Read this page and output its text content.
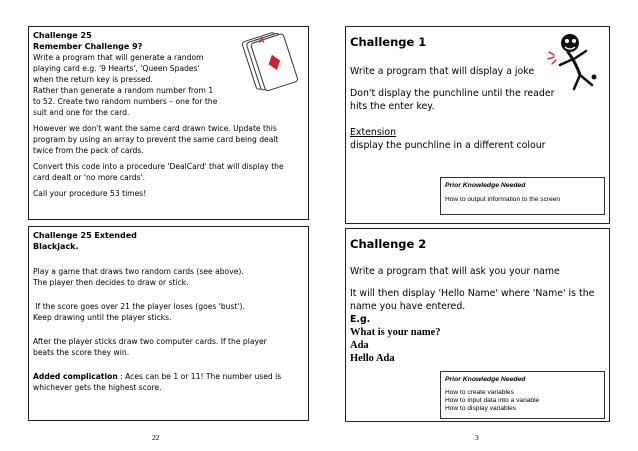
Challenge 25
Remember Challenge 9?
Write a program that will generate a random
playing card e.g. '9 Hearts', 'Queen Spades'
when the return key is pressed.
Rather than generate a random number from 1
to 52. Create two random numbers – one for the
suit and one for the card.
However we don't want the same card drawn twice. Update this
program by using an array to prevent the same card being dealt
twice from the pack of cards.
Convert this code into a procedure 'DealCard' that will display the
card dealt or 'no more cards'.
Call your procedure 53 times!
A
Challenge 25 Extended
Blackjack.
Play a game that draws two random cards (see above).
The player then decides to draw or stick.
If the score goes over 21 the player loses (goes 'bust').
Keep drawing until the player sticks.
After the player sticks draw two computer cards. If the player
beats the score they win.
Added complication : Aces can be 1 or 11! The number used is
whichever gets the highest score.
22
Challenge 1
Write a program that will display a joke
Don't display the punchline until the reader
hits the enter key.
Extension
display the punchline in a different colour
Prior Knowledge Needed
How to output information to the screen
Challenge 2
Write a program that will ask you your name
It will then display 'Hello Name' where 'Name' is the
name you have entered.
E.g.
What is your name?
Ada
Hello Ada
Prior Knowledge Needed
How to create variables
How to input data into a variable
How to display variables
3
